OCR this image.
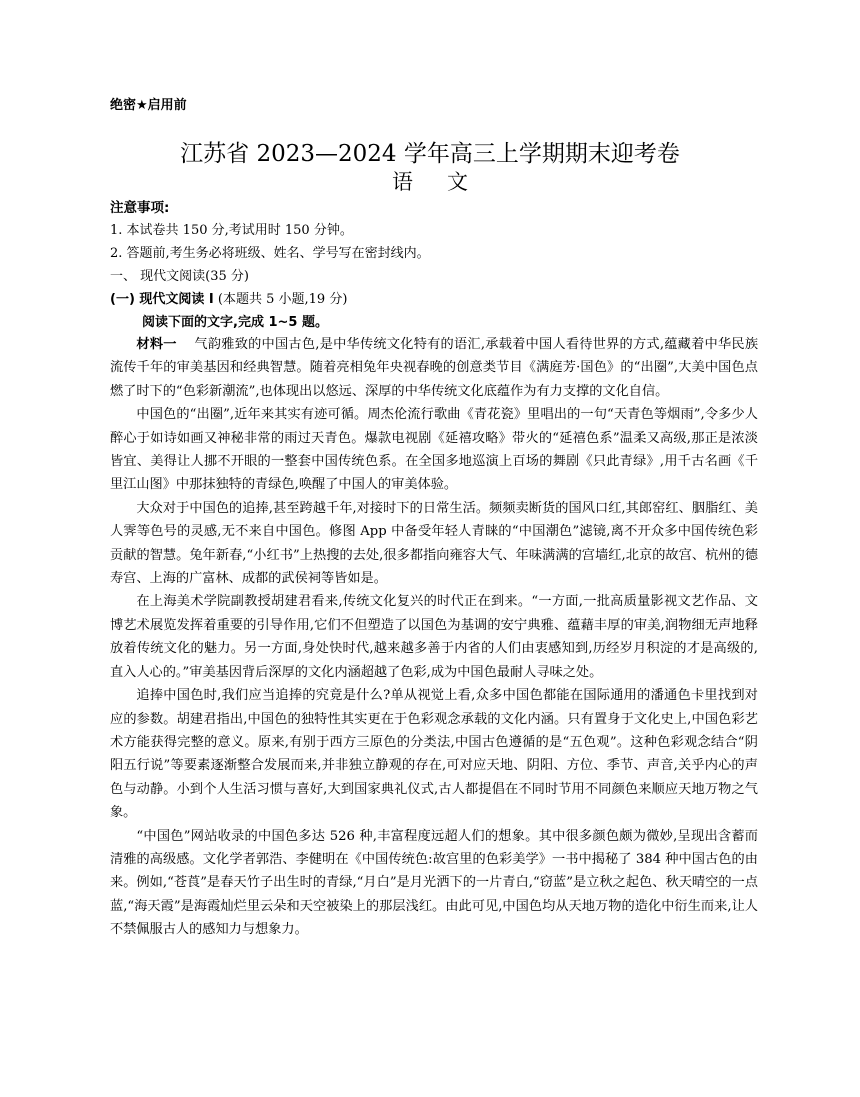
绝密★启用前
江苏省 2023—2024 学年高三上学期期末迎考卷
语文
注意事项:
1. 本试卷共 150 分,考试用时 150 分钟。
2. 答题前,考生务必将班级、姓名、学号写在密封线内。
一、 现代文阅读(35 分)
(一) 现代文阅读 I (本题共 5 小题,19 分)
阅读下面的文字,完成 1~5 题。

材料一 气韵雅致的中国古色,是中华传统文化特有的语汇,承载着中国人看待世界的方式,蕴藏着中华民族流传千年的审美基因和经典智慧。随着亮相兔年央视春晚的创意类节目《满庭芳·国色》的“出圈”,大美中国色点燃了时下的“色彩新潮流”,也体现出以悠远、深厚的中华传统文化底蕴作为有力支撑的文化自信。

中国色的“出圈”,近年来其实有迹可循。周杰伦流行歌曲《青花瓷》里唱出的一句“天青色等烟雨”,令多少人醉心于如诗如画又神秘非常的雨过天青色。爆款电视剧《延禧攻略》带火的“延禧色系”温柔又高级,那正是浓淡皆宜、美得让人挪不开眼的一整套中国传统色系。在全国多地巡演上百场的舞剧《只此青绿》,用千古名画《千里江山图》中那抹独特的青绿色,唤醒了中国人的审美体验。

大众对于中国色的追捧,甚至跨越千年,对接时下的日常生活。频频卖断货的国风口红,其郎窑红、胭脂红、美人霁等色号的灵感,无不来自中国色。修图 App 中备受年轻人青睐的“中国潮色”滤镜,离不开众多中国传统色彩贡献的智慧。兔年新春,“小红书”上热搜的去处,很多都指向雍容大气、年味满满的宫墙红,北京的故宫、杭州的德寿宫、上海的广富林、成都的武侯祠等皆如是。

在上海美术学院副教授胡建君看来,传统文化复兴的时代正在到来。“一方面,一批高质量影视文艺作品、文博艺术展览发挥着重要的引导作用,它们不但塑造了以国色为基调的安宁典雅、蕴藉丰厚的审美,润物细无声地释放着传统文化的魅力。另一方面,身处快时代,越来越多善于内省的人们由衷感知到,历经岁月积淀的才是高级的,直入人心的。”审美基因背后深厚的文化内涵超越了色彩,成为中国色最耐人寻味之处。

追捧中国色时,我们应当追捧的究竟是什么?单从视觉上看,众多中国色都能在国际通用的潘通色卡里找到对应的参数。胡建君指出,中国色的独特性其实更在于色彩观念承载的文化内涵。只有置身于文化史上,中国色彩艺术方能获得完整的意义。原来,有别于西方三原色的分类法,中国古色遵循的是“五色观”。这种色彩观念结合“阴阳五行说”等要素逐渐整合发展而来,并非独立静观的存在,可对应天地、阴阳、方位、季节、声音,关乎内心的声色与动静。小到个人生活习惯与喜好,大到国家典礼仪式,古人都提倡在不同时节用不同颜色来顺应天地万物之气象。

“中国色”网站收录的中国色多达 526 种,丰富程度远超人们的想象。其中很多颜色颇为微妙,呈现出含蓄而清雅的高级感。文化学者郭浩、李健明在《中国传统色:故宫里的色彩美学》一书中揭秘了 384 种中国古色的由来。例如,“苍莨”是春天竹子出生时的青绿,“月白”是月光洒下的一片青白,“窃蓝”是立秋之起色、秋天晴空的一点蓝,“海天霞”是海霞灿烂里云朵和天空被染上的那层浅红。由此可见,中国色均从天地万物的造化中衍生而来,让人不禁佩服古人的感知力与想象力。
